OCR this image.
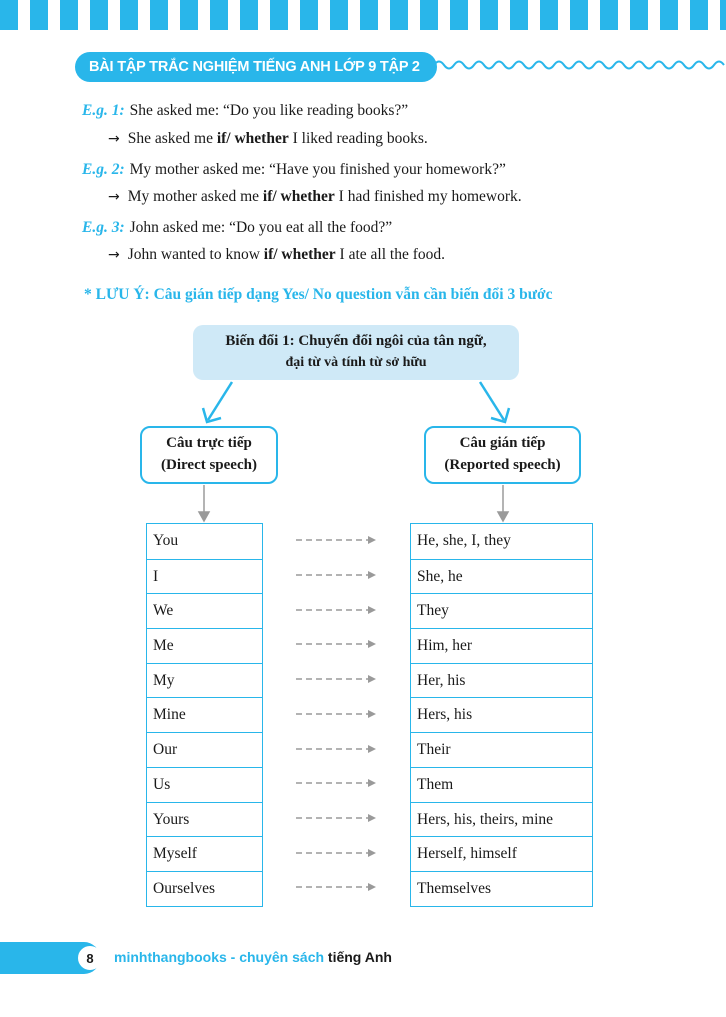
BÀI TẬP TRẮC NGHIỆM TIẾNG ANH LỚP 9 TẬP 2
E.g. 1: She asked me: “Do you like reading books?”
→ She asked me if/ whether I liked reading books.
E.g. 2: My mother asked me: “Have you finished your homework?”
→ My mother asked me if/ whether I had finished my homework.
E.g. 3: John asked me: “Do you eat all the food?”
→ John wanted to know if/ whether I ate all the food.
* LƯU Ý: Câu gián tiếp dạng Yes/ No question vẫn cần biến đổi 3 bước
Biến đổi 1: Chuyển đổi ngôi của tân ngữ,
đại từ và tính từ sở hữu
Câu trực tiếp
(Direct speech)
Câu gián tiếp
(Reported speech)
You
I
We
Me
My
Mine
Our
Us
Yours
Myself
Ourselves
He, she, I, they
She, he
They
Him, her
Her, his
Hers, his
Their
Them
Hers, his, theirs, mine
Herself, himself
Themselves
8	minhthangbooks - chuyên sách tiếng Anh
